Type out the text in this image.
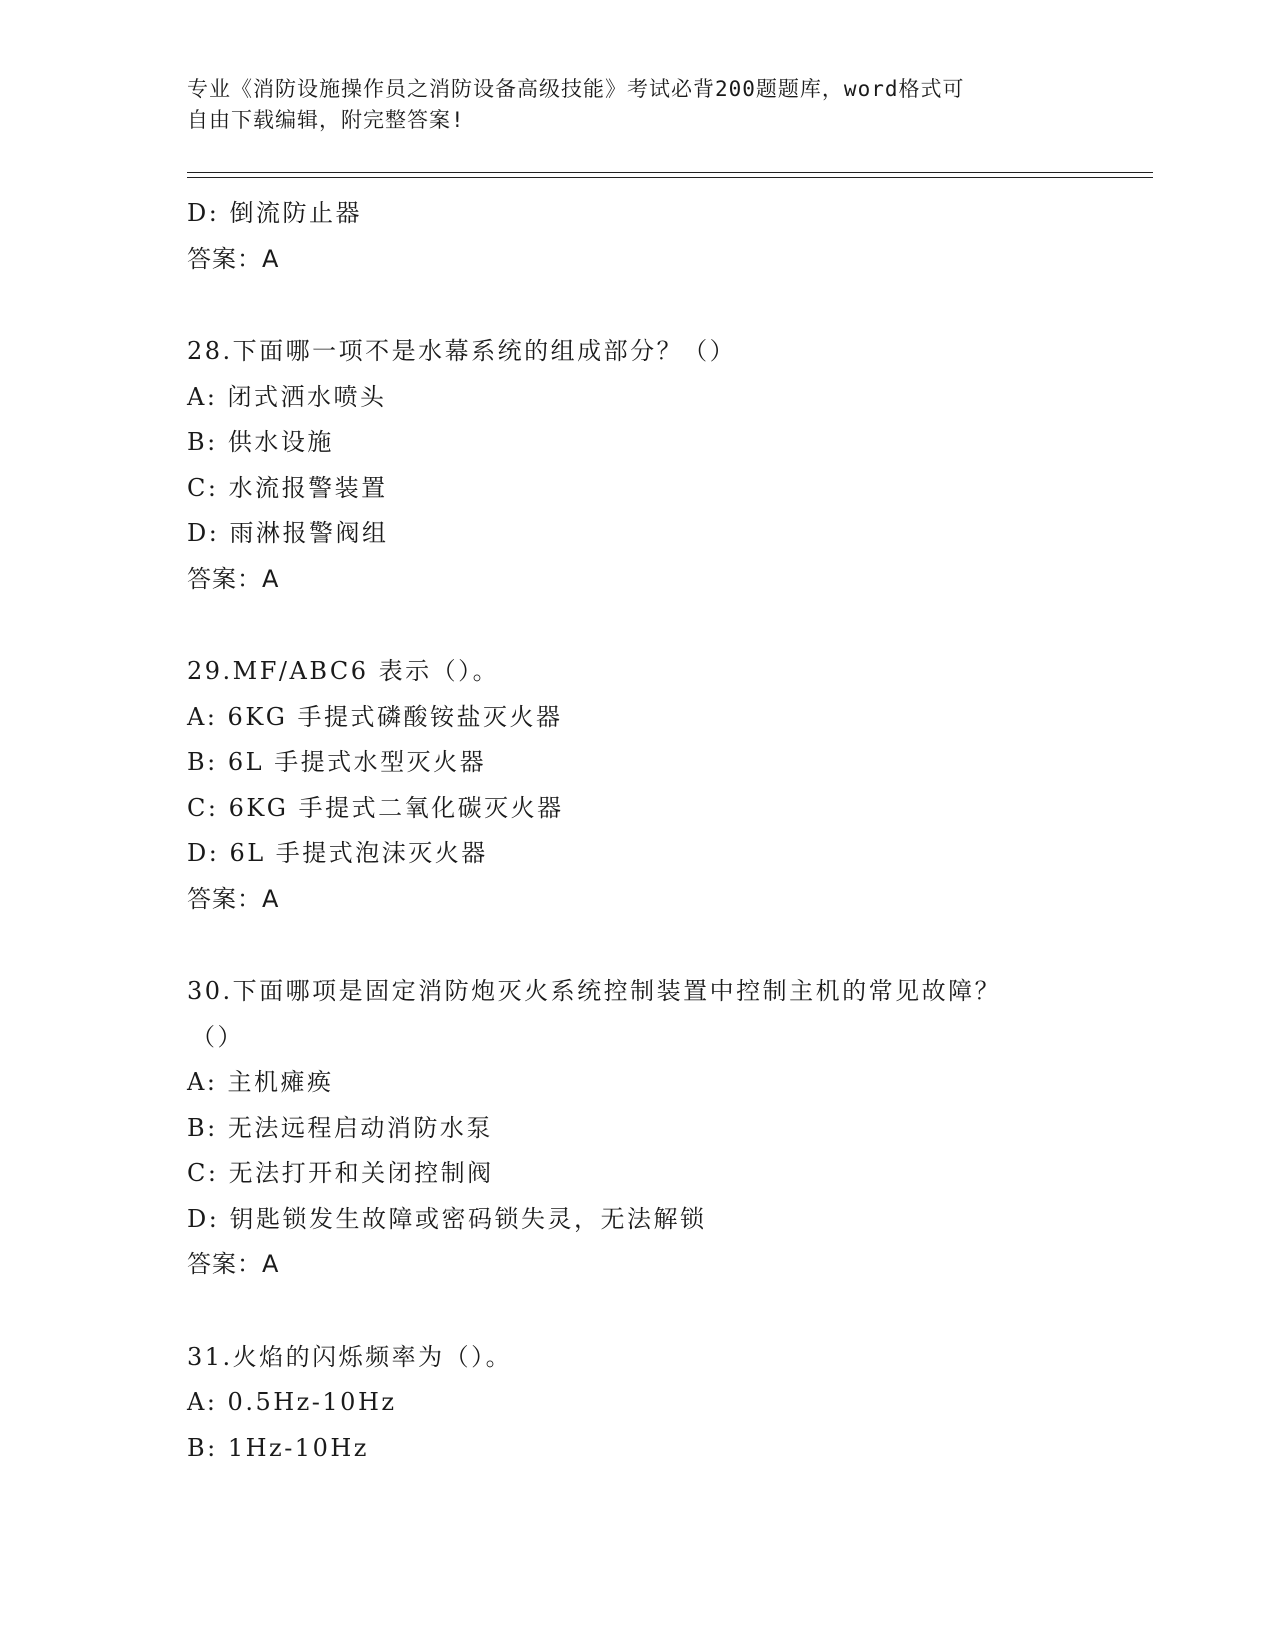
专业《消防设施操作员之消防设备高级技能》考试必背200题题库，word格式可
自由下载编辑，附完整答案!
D: 倒流防止器
答案：A
28.下面哪一项不是水幕系统的组成部分？（）
A: 闭式洒水喷头
B: 供水设施
C: 水流报警装置
D: 雨淋报警阀组
答案：A
29.MF/ABC6 表示（）。
A: 6KG 手提式磷酸铵盐灭火器
B: 6L 手提式水型灭火器
C: 6KG 手提式二氧化碳灭火器
D: 6L 手提式泡沫灭火器
答案：A
30.下面哪项是固定消防炮灭火系统控制装置中控制主机的常见故障？
（）
A: 主机瘫痪
B: 无法远程启动消防水泵
C: 无法打开和关闭控制阀
D: 钥匙锁发生故障或密码锁失灵，无法解锁
答案：A
31.火焰的闪烁频率为（）。
A: 0.5Hz-10Hz
B: 1Hz-10Hz
